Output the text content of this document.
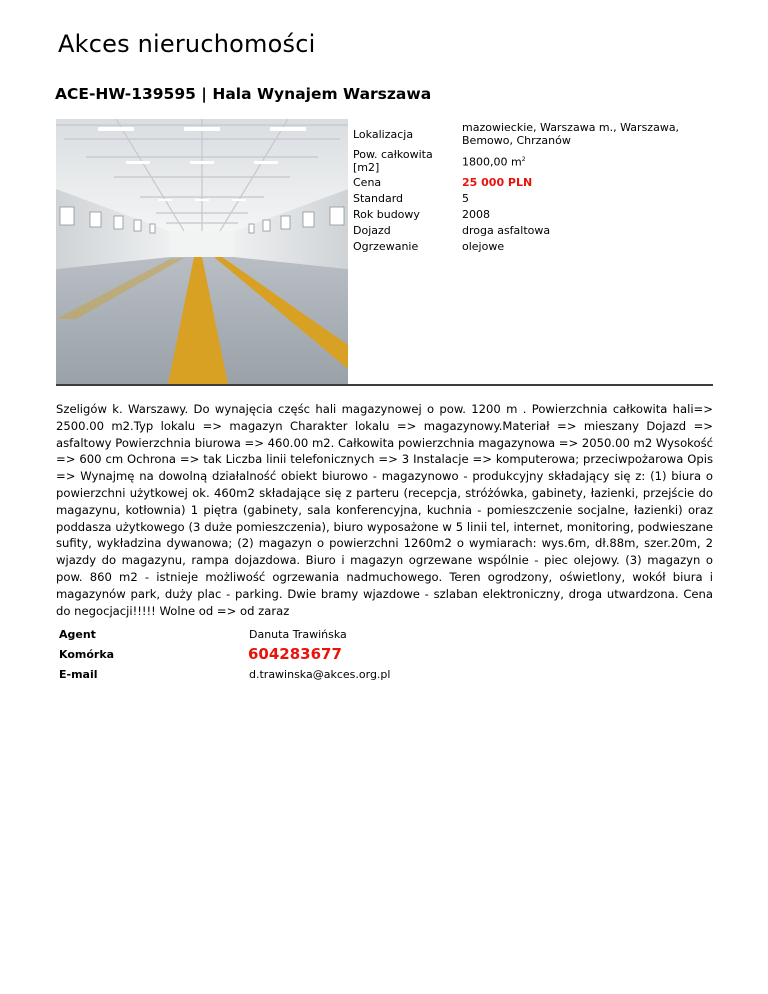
Akces nieruchomości
ACE-HW-139595 | Hala Wynajem Warszawa
Lokalizacja	mazowieckie, Warszawa m., Warszawa, Bemowo, Chrzanów
Pow. całkowita [m2]	1800,00 $m^2$
Cena	25 000 PLN
Standard	5
Rok budowy	2008
Dojazd	droga asfaltowa
Ogrzewanie	olejowe
Szeligów k. Warszawy. Do wynajęcia częśc hali magazynowej o pow. 1200 m . Powierzchnia całkowita hali=> 2500.00 m2.Typ lokalu => magazyn Charakter lokalu => magazynowy.Materiał => mieszany Dojazd => asfaltowy Powierzchnia biurowa => 460.00 m2. Całkowita powierzchnia magazynowa => 2050.00 m2 Wysokość => 600 cm Ochrona => tak Liczba linii telefonicznych => 3 Instalacje => komputerowa; przeciwpożarowa Opis => Wynajmę na dowolną działalność obiekt biurowo - magazynowo - produkcyjny składający się z: (1) biura o powierzchni użytkowej ok. 460m2 składające się z parteru (recepcja, stróżówka, gabinety, łazienki, przejście do magazynu, kotłownia) 1 piętra (gabinety, sala konferencyjna, kuchnia - pomieszczenie socjalne, łazienki) oraz poddasza użytkowego (3 duże pomieszczenia), biuro wyposażone w 5 linii tel, internet, monitoring, podwieszane sufity, wykładzina dywanowa; (2) magazyn o powierzchni 1260m2 o wymiarach: wys.6m, dł.88m, szer.20m, 2 wjazdy do magazynu, rampa dojazdowa. Biuro i magazyn ogrzewane wspólnie - piec olejowy. (3) magazyn o pow. 860 m2 - istnieje możliwość ogrzewania nadmuchowego. Teren ogrodzony, oświetlony, wokół biura i magazynów park, duży plac - parking. Dwie bramy wjazdowe - szlaban elektroniczny, droga utwardzona. Cena do negocjacji!!!!! Wolne od => od zaraz
Agent	Danuta Trawińska
Komórka	604283677
E-mail	d.trawinska@akces.org.pl
